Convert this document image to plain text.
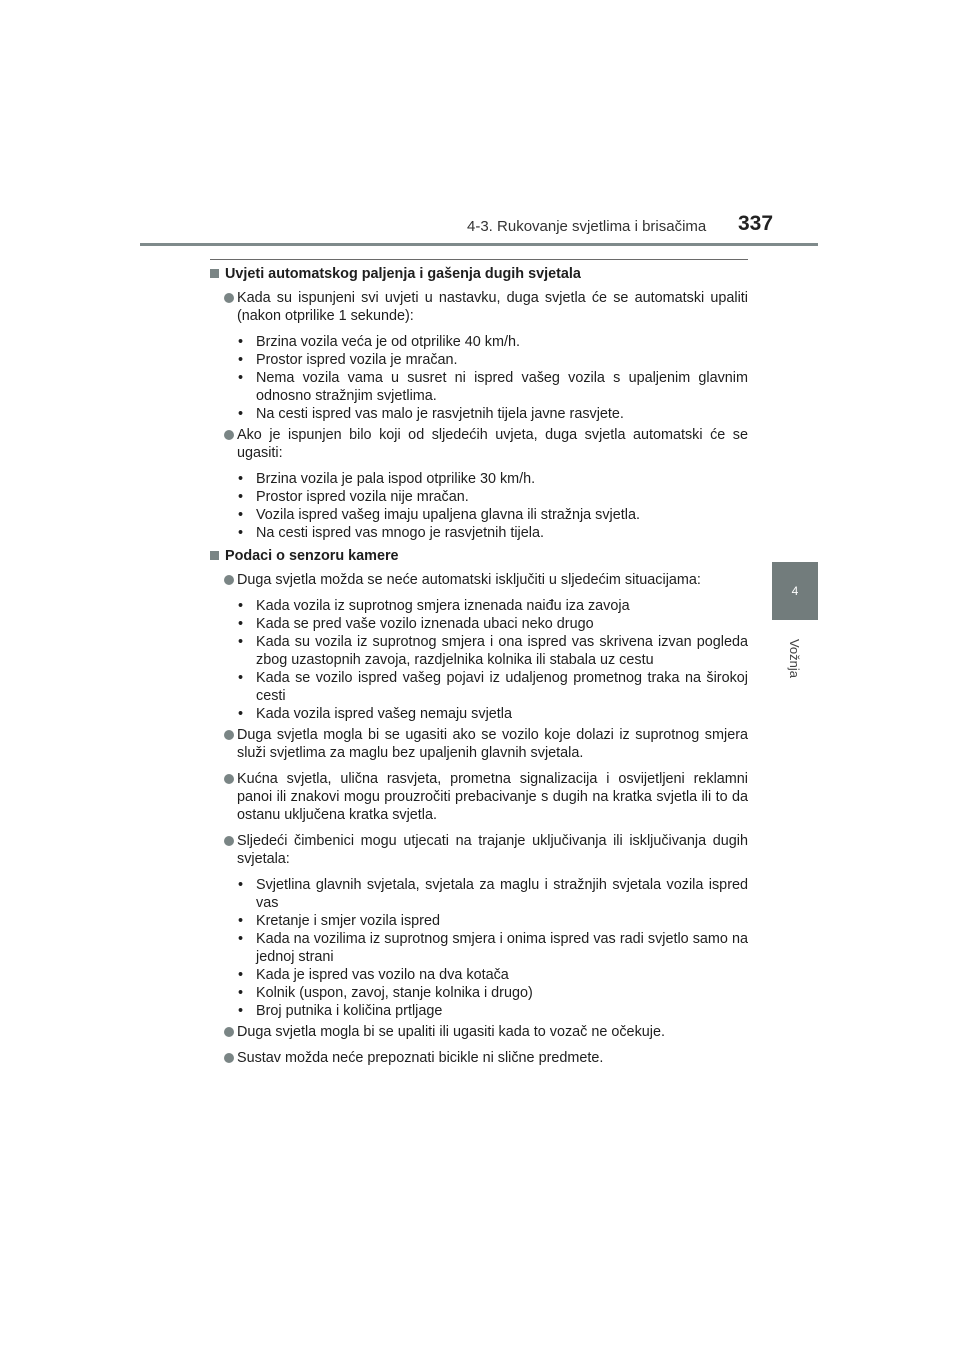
4-3. Rukovanje svjetlima i brisačima 337
4
Vožnja
Uvjeti automatskog paljenja i gašenja dugih svjetala
Kada su ispunjeni svi uvjeti u nastavku, duga svjetla će se automatski upaliti (nakon otprilike 1 sekunde):
• Brzina vozila veća je od otprilike 40 km/h.
• Prostor ispred vozila je mračan.
• Nema vozila vama u susret ni ispred vašeg vozila s upaljenim glavnim odnosno stražnjim svjetlima.
• Na cesti ispred vas malo je rasvjetnih tijela javne rasvjete.
Ako je ispunjen bilo koji od sljedećih uvjeta, duga svjetla automatski će se ugasiti:
• Brzina vozila je pala ispod otprilike 30 km/h.
• Prostor ispred vozila nije mračan.
• Vozila ispred vašeg imaju upaljena glavna ili stražnja svjetla.
• Na cesti ispred vas mnogo je rasvjetnih tijela.
Podaci o senzoru kamere
Duga svjetla možda se neće automatski isključiti u sljedećim situacijama:
• Kada vozila iz suprotnog smjera iznenada naiđu iza zavoja
• Kada se pred vaše vozilo iznenada ubaci neko drugo
• Kada su vozila iz suprotnog smjera i ona ispred vas skrivena izvan pogleda zbog uzastopnih zavoja, razdjelnika kolnika ili stabala uz cestu
• Kada se vozilo ispred vašeg pojavi iz udaljenog prometnog traka na širokoj cesti
• Kada vozila ispred vašeg nemaju svjetla
Duga svjetla mogla bi se ugasiti ako se vozilo koje dolazi iz suprotnog smjera služi svjetlima za maglu bez upaljenih glavnih svjetala.
Kućna svjetla, ulična rasvjeta, prometna signalizacija i osvijetljeni reklamni panoi ili znakovi mogu prouzročiti prebacivanje s dugih na kratka svjetla ili to da ostanu uključena kratka svjetla.
Sljedeći čimbenici mogu utjecati na trajanje uključivanja ili isključivanja dugih svjetala:
• Svjetlina glavnih svjetala, svjetala za maglu i stražnjih svjetala vozila ispred vas
• Kretanje i smjer vozila ispred
• Kada na vozilima iz suprotnog smjera i onima ispred vas radi svjetlo samo na jednoj strani
• Kada je ispred vas vozilo na dva kotača
• Kolnik (uspon, zavoj, stanje kolnika i drugo)
• Broj putnika i količina prtljage
Duga svjetla mogla bi se upaliti ili ugasiti kada to vozač ne očekuje.
Sustav možda neće prepoznati bicikle ni slične predmete.
